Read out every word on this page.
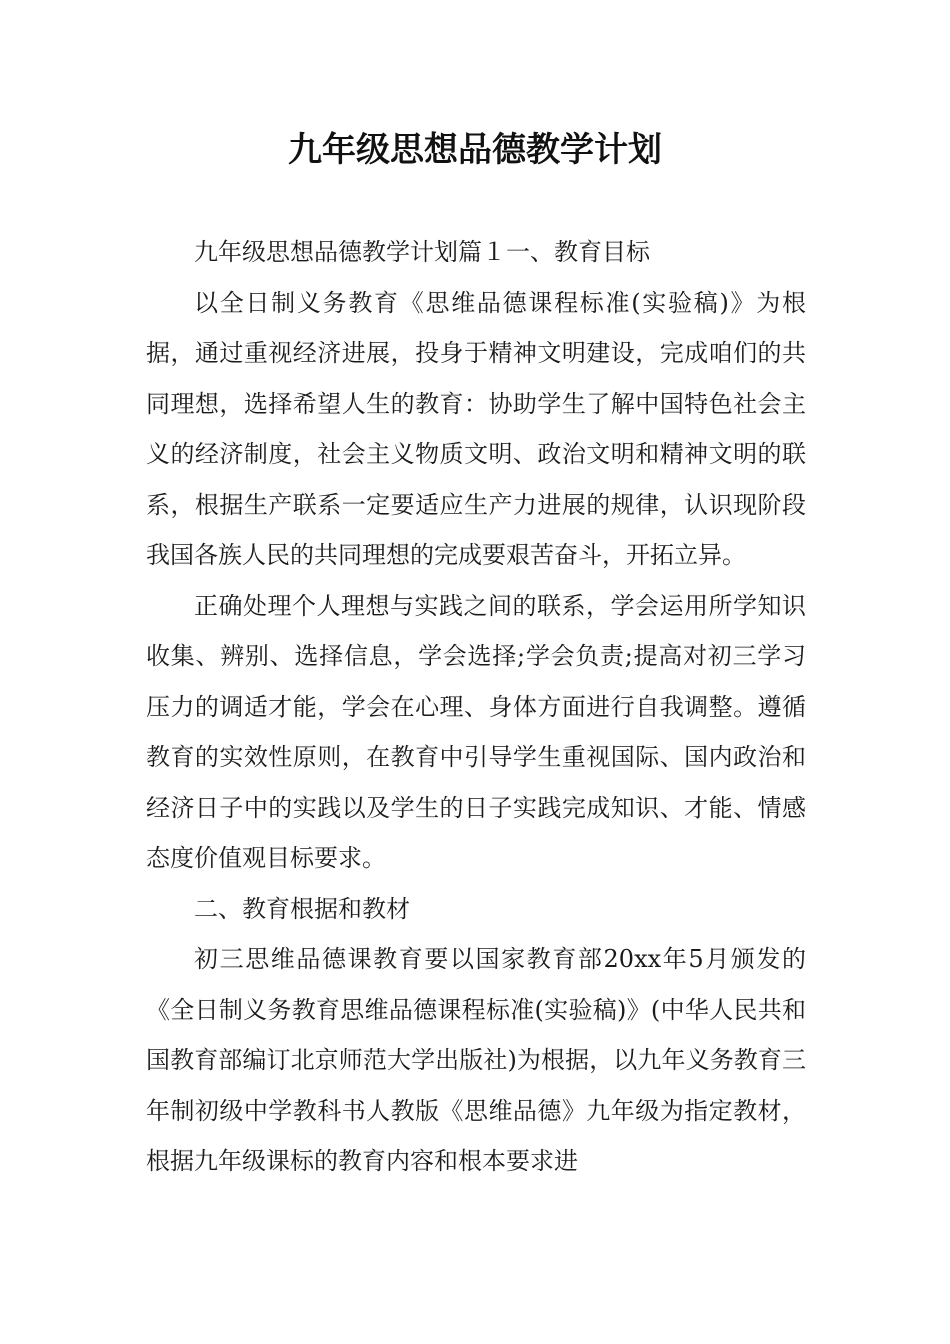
九年级思想品德教学计划

九年级思想品德教学计划篇１一、教育目标

以全日制义务教育《思维品德课程标准(实验稿)》为根据，通过重视经济进展，投身于精神文明建设，完成咱们的共同理想，选择希望人生的教育：协助学生了解中国特色社会主义的经济制度，社会主义物质文明、政治文明和精神文明的联系，根据生产联系一定要适应生产力进展的规律，认识现阶段我国各族人民的共同理想的完成要艰苦奋斗，开拓立异。

正确处理个人理想与实践之间的联系，学会运用所学知识收集、辨别、选择信息，学会选择;学会负责;提高对初三学习压力的调适才能，学会在心理、身体方面进行自我调整。遵循教育的实效性原则，在教育中引导学生重视国际、国内政治和经济日子中的实践以及学生的日子实践完成知识、才能、情感态度价值观目标要求。

二、教育根据和教材

初三思维品德课教育要以国家教育部20xx年5月颁发的《全日制义务教育思维品德课程标准(实验稿)》(中华人民共和国教育部编订北京师范大学出版社)为根据，以九年义务教育三年制初级中学教科书人教版《思维品德》九年级为指定教材，根据九年级课标的教育内容和根本要求进
